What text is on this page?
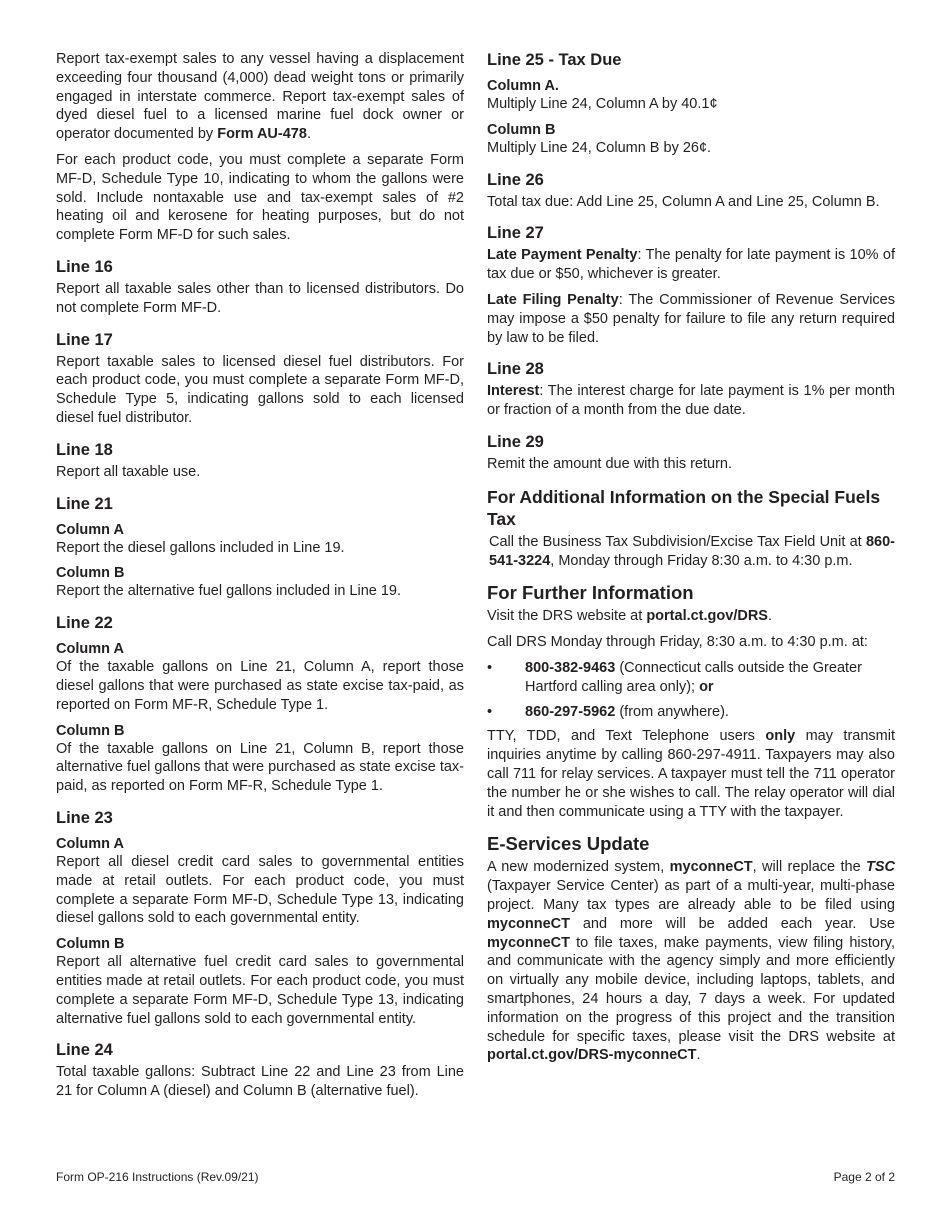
Report tax-exempt sales to any vessel having a displacement exceeding four thousand (4,000) dead weight tons or primarily engaged in interstate commerce. Report tax-exempt sales of dyed diesel fuel to a licensed marine fuel dock owner or operator documented by Form AU-478.

For each product code, you must complete a separate Form MF-D, Schedule Type 10, indicating to whom the gallons were sold. Include nontaxable use and tax-exempt sales of #2 heating oil and kerosene for heating purposes, but do not complete Form MF-D for such sales.

Line 16

Report all taxable sales other than to licensed distributors. Do not complete Form MF-D.

Line 17

Report taxable sales to licensed diesel fuel distributors. For each product code, you must complete a separate Form MF-D, Schedule Type 5, indicating gallons sold to each licensed diesel fuel distributor.

Line 18

Report all taxable use.

Line 21
Column A

Report the diesel gallons included in Line 19.

Column B

Report the alternative fuel gallons included in Line 19.

Line 22
Column A

Of the taxable gallons on Line 21, Column A, report those diesel gallons that were purchased as state excise tax-paid, as reported on Form MF-R, Schedule Type 1.

Column B

Of the taxable gallons on Line 21, Column B, report those alternative fuel gallons that were purchased as state excise tax-paid, as reported on Form MF-R, Schedule Type 1.

Line 23
Column A

Report all diesel credit card sales to governmental entities made at retail outlets. For each product code, you must complete a separate Form MF-D, Schedule Type 13, indicating diesel gallons sold to each governmental entity.

Column B

Report all alternative fuel credit card sales to governmental entities made at retail outlets. For each product code, you must complete a separate Form MF-D, Schedule Type 13, indicating alternative fuel gallons sold to each governmental entity.

Line 24

Total taxable gallons: Subtract Line 22 and Line 23 from Line 21 for Column A (diesel) and Column B (alternative fuel).

Line 25 - Tax Due
Column A.

Multiply Line 24, Column A by 40.1¢

Column B

Multiply Line 24, Column B by 26¢.

Line 26

Total tax due: Add Line 25, Column A and Line 25, Column B.

Line 27

Late Payment Penalty: The penalty for late payment is 10% of tax due or $50, whichever is greater.

Late Filing Penalty: The Commissioner of Revenue Services may impose a $50 penalty for failure to file any return required by law to be filed.

Line 28

Interest: The interest charge for late payment is 1% per month or fraction of a month from the due date.

Line 29

Remit the amount due with this return.

For Additional Information on the Special Fuels Tax

Call the Business Tax Subdivision/Excise Tax Field Unit at 860-541-3224, Monday through Friday 8:30 a.m. to 4:30 p.m.

For Further Information

Visit the DRS website at portal.ct.gov/DRS.

Call DRS Monday through Friday, 8:30 a.m. to 4:30 p.m. at:

• 800-382-9463 (Connecticut calls outside the Greater Hartford calling area only); or
• 860-297-5962 (from anywhere).

TTY, TDD, and Text Telephone users only may transmit inquiries anytime by calling 860-297-4911. Taxpayers may also call 711 for relay services. A taxpayer must tell the 711 operator the number he or she wishes to call. The relay operator will dial it and then communicate using a TTY with the taxpayer.

E-Services Update

A new modernized system, myconneCT, will replace the TSC (Taxpayer Service Center) as part of a multi-year, multi-phase project. Many tax types are already able to be filed using myconneCT and more will be added each year. Use myconneCT to file taxes, make payments, view filing history, and communicate with the agency simply and more efficiently on virtually any mobile device, including laptops, tablets, and smartphones, 24 hours a day, 7 days a week. For updated information on the progress of this project and the transition schedule for specific taxes, please visit the DRS website at portal.ct.gov/DRS-myconneCT.

Form OP-216 Instructions (Rev.09/21)	Page 2 of 2
